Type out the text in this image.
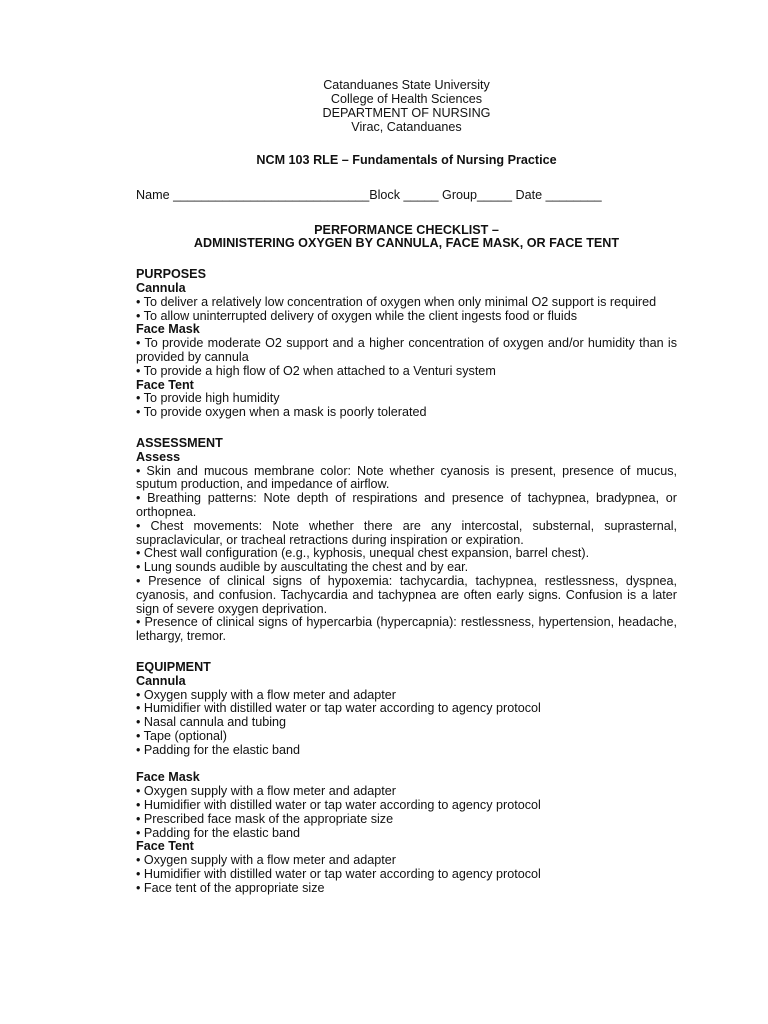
Catanduanes State University
College of Health Sciences
DEPARTMENT OF NURSING
Virac, Catanduanes
NCM 103 RLE – Fundamentals of Nursing Practice
Name ____________________________Block _____ Group_____ Date ________
PERFORMANCE CHECKLIST –
ADMINISTERING OXYGEN BY CANNULA, FACE MASK, OR FACE TENT
PURPOSES
Cannula
• To deliver a relatively low concentration of oxygen when only minimal O2 support is required
• To allow uninterrupted delivery of oxygen while the client ingests food or fluids
Face Mask
• To provide moderate O2 support and a higher concentration of oxygen and/or humidity than is provided by cannula
• To provide a high flow of O2 when attached to a Venturi system
Face Tent
• To provide high humidity
• To provide oxygen when a mask is poorly tolerated
ASSESSMENT
Assess
• Skin and mucous membrane color: Note whether cyanosis is present, presence of mucus, sputum production, and impedance of airflow.
• Breathing patterns: Note depth of respirations and presence of tachypnea, bradypnea, or orthopnea.
• Chest movements: Note whether there are any intercostal, substernal, suprasternal, supraclavicular, or tracheal retractions during inspiration or expiration.
• Chest wall configuration (e.g., kyphosis, unequal chest expansion, barrel chest).
• Lung sounds audible by auscultating the chest and by ear.
• Presence of clinical signs of hypoxemia: tachycardia, tachypnea, restlessness, dyspnea, cyanosis, and confusion. Tachycardia and tachypnea are often early signs. Confusion is a later sign of severe oxygen deprivation.
• Presence of clinical signs of hypercarbia (hypercapnia): restlessness, hypertension, headache, lethargy, tremor.
EQUIPMENT
Cannula
• Oxygen supply with a flow meter and adapter
• Humidifier with distilled water or tap water according to agency protocol
• Nasal cannula and tubing
• Tape (optional)
• Padding for the elastic band
Face Mask
• Oxygen supply with a flow meter and adapter
• Humidifier with distilled water or tap water according to agency protocol
• Prescribed face mask of the appropriate size
• Padding for the elastic band
Face Tent
• Oxygen supply with a flow meter and adapter
• Humidifier with distilled water or tap water according to agency protocol
• Face tent of the appropriate size
